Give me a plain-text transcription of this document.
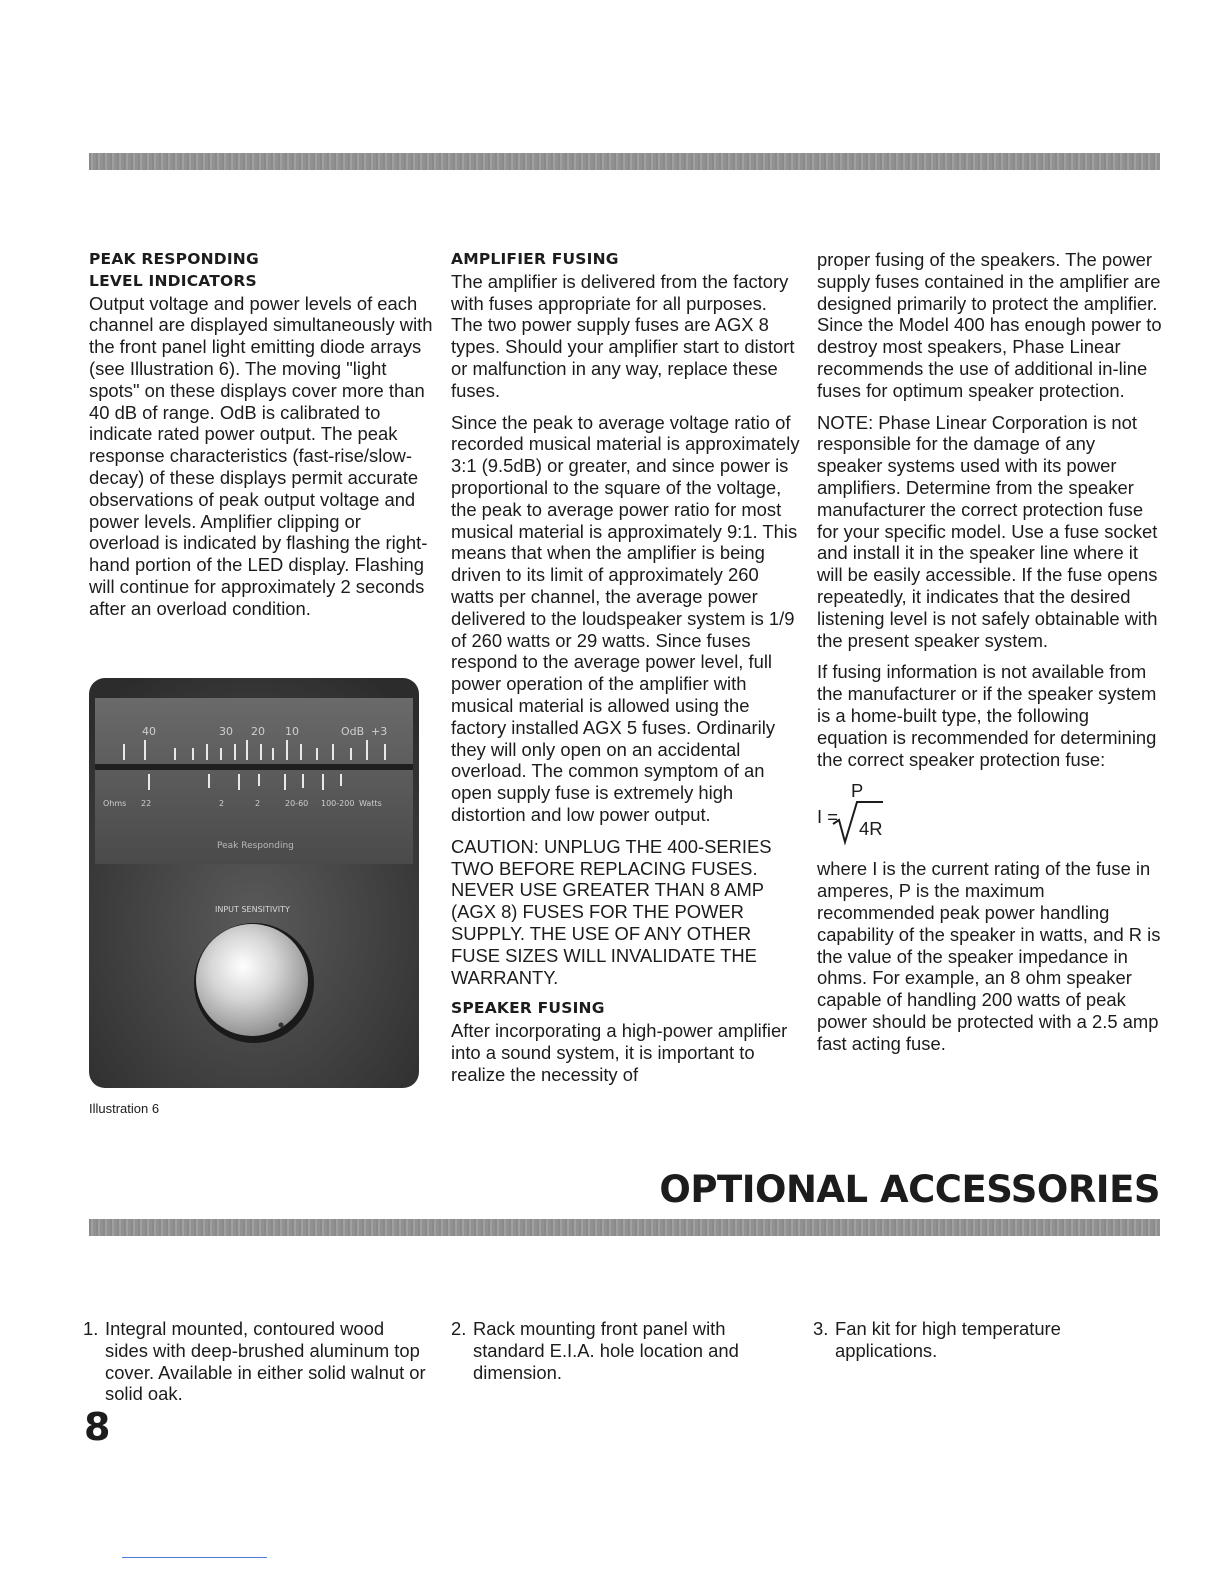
PEAK RESPONDING
LEVEL INDICATORS

Output voltage and power levels of each channel are displayed simultaneously with the front panel light emitting diode arrays (see Illustration 6). The moving "light spots" on these displays cover more than 40 dB of range. OdB is calibrated to indicate rated power output. The peak response characteristics (fast-rise/slow-decay) of these displays permit accurate observations of peak output voltage and power levels. Amplifier clipping or overload is indicated by flashing the right-hand portion of the LED display. Flashing will continue for approximately 2 seconds after an overload condition.

40	30 20 10	OdB +3
Ohms 22	2	2	20-60 100-200 Watts
Peak Responding
INPUT SENSITIVITY
Illustration 6
AMPLIFIER FUSING

The amplifier is delivered from the factory with fuses appropriate for all purposes. The two power supply fuses are AGX 8 types. Should your amplifier start to distort or malfunction in any way, replace these fuses.

Since the peak to average voltage ratio of recorded musical material is approximately 3:1 (9.5dB) or greater, and since power is proportional to the square of the voltage, the peak to average power ratio for most musical material is approximately 9:1. This means that when the amplifier is being driven to its limit of approximately 260 watts per channel, the average power delivered to the loudspeaker system is 1/9 of 260 watts or 29 watts. Since fuses respond to the average power level, full power operation of the amplifier with musical material is allowed using the factory installed AGX 5 fuses. Ordinarily they will only open on an accidental overload. The common symptom of an open supply fuse is extremely high distortion and low power output.

CAUTION: UNPLUG THE 400-SERIES TWO BEFORE REPLACING FUSES. NEVER USE GREATER THAN 8 AMP (AGX 8) FUSES FOR THE POWER SUPPLY. THE USE OF ANY OTHER FUSE SIZES WILL INVALIDATE THE WARRANTY.

SPEAKER FUSING

After incorporating a high-power amplifier into a sound system, it is important to realize the necessity of

proper fusing of the speakers. The power supply fuses contained in the amplifier are designed primarily to protect the amplifier. Since the Model 400 has enough power to destroy most speakers, Phase Linear recommends the use of additional in-line fuses for optimum speaker protection.

NOTE: Phase Linear Corporation is not responsible for the damage of any speaker systems used with its power amplifiers. Determine from the speaker manufacturer the correct protection fuse for your specific model. Use a fuse socket and install it in the speaker line where it will be easily accessible. If the fuse opens repeatedly, it indicates that the desired listening level is not safely obtainable with the present speaker system.

If fusing information is not available from the manufacturer or if the speaker system is a home-built type, the following equation is recommended for determining the correct speaker protection fuse:

I =
P
4R

where I is the current rating of the fuse in amperes, P is the maximum recommended peak power handling capability of the speaker in watts, and R is the value of the speaker impedance in ohms. For example, an 8 ohm speaker capable of handling 200 watts of peak power should be protected with a 2.5 amp fast acting fuse.

OPTIONAL ACCESSORIES
1. Integral mounted, contoured wood sides with deep-brushed aluminum top cover. Available in either solid walnut or solid oak.
2. Rack mounting front panel with standard E.I.A. hole location and dimension.
3. Fan kit for high temperature applications.
8
